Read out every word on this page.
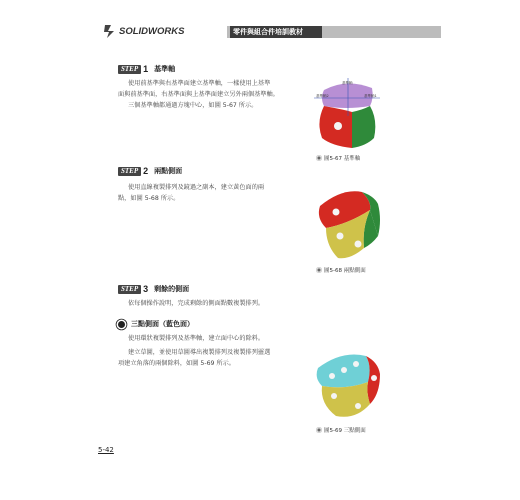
SOLIDWORKS	零件與組合件培訓教材
STEP 1 基準軸
使用前基準與右基準面建立基準軸，一樣使用上基準
面與前基準面，右基準面與上基準面建立另外兩個基準軸。
三個基準軸都通過方塊中心，如圖 5-67 所示。
基準軸
基準軸2	基準軸1
圖5-67 基準軸
STEP 2 兩點側面
使用直線複製排列及鏡過之副本，建立黃色面的兩
點，如圖 5-68 所示。
圖5-68 兩點側面
STEP 3 剩餘的側面
依每個操作說明，完成剩餘的側面點數複製排列。
三點側面（藍色面）
使用環狀複製排列及基準軸，建立面中心的除料。
建立草圖，並使用草圖導出複製排列及複製排列靈選
項建立角落的兩個除料，如圖 5-69 所示。
圖5-69 三點側面
5-42
